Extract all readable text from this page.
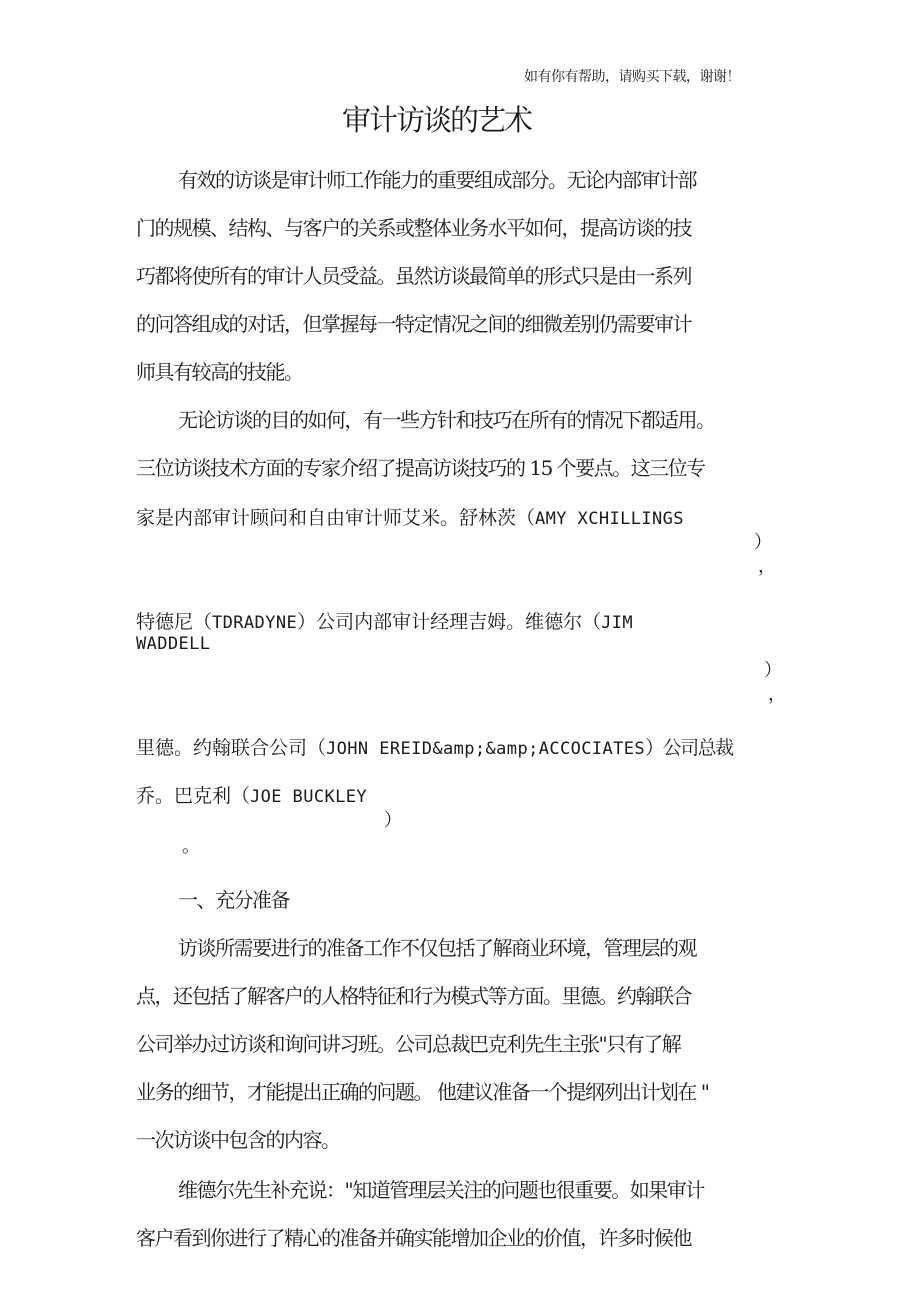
如有你有帮助，请购买下载，谢谢！
审计访谈的艺术
有效的访谈是审计师工作能力的重要组成部分。无论内部审计部
门的规模、结构、与客户的关系或整体业务水平如何，提高访谈的技
巧都将使所有的审计人员受益。虽然访谈最简单的形式只是由一系列
的问答组成的对话，但掌握每一特定情况之间的细微差别仍需要审计
师具有较高的技能。
无论访谈的目的如何，有一些方针和技巧在所有的情况下都适用。
三位访谈技术方面的专家介绍了提高访谈技巧的 15 个要点。这三位专
家是内部审计顾问和自由审计师艾米。舒林茨（AMY XCHILLINGS
）
，
特德尼（TDRADYNE）公司内部审计经理吉姆。维德尔（JIM
WADDELL
）
，
里德。约翰联合公司（JOHN EREID&amp;&amp;ACCOCIATES）公司总裁
乔。巴克利（JOE BUCKLEY
）
。
一、充分准备
访谈所需要进行的准备工作不仅包括了解商业环境，管理层的观
点，还包括了解客户的人格特征和行为模式等方面。里德。约翰联合
公司举办过访谈和询问讲习班。公司总裁巴克利先生主张"只有了解
业务的细节，才能提出正确的问题。 他建议准备一个提纲列出计划在 "
一次访谈中包含的内容。
维德尔先生补充说："知道管理层关注的问题也很重要。如果审计
客户看到你进行了精心的准备并确实能增加企业的价值，许多时候他
